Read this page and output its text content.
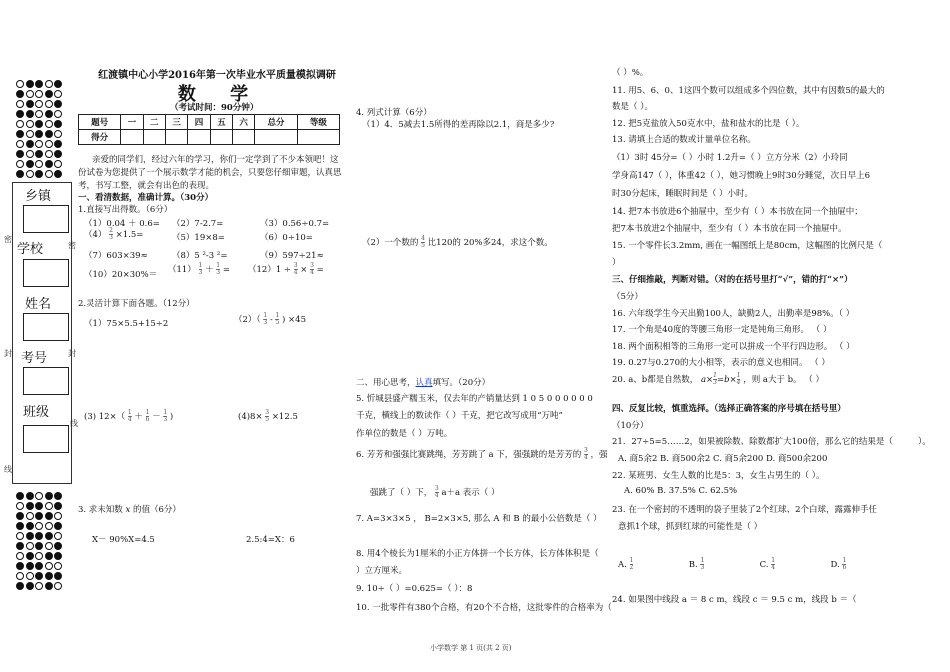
乡镇
学校
姓名
考号
班级
密
密
封	封
线
线
红渡镇中心小学2016年第一次毕业水平质量模拟调研
数 学
（考试时间：90分钟）
题号	一	二	三	四	五	六	总分	等级
得分								
亲爱的同学们，经过六年的学习，你们一定学到了不少本领吧！这
份试卷为您提供了一个展示数学才能的机会，只要您仔细审题，认真思
考，书写工整，就会有出色的表现。
一、看清数据，准确计算。（30分）
1.直接写出得数。（6分）
（1）0.04 ＋ 0.6= （2）7-2.7=	（3）0.56÷0.7=
$(4) \frac{2}{3} \times 1.5=$	（5）19×8=	（6）0÷10=
（7）603×39≈	（8）5 ²-3 ²=	（9）597÷21≈
$(10)20\times 30\%= (11) \frac{1}{3} + \frac{1}{3} = (12)1 \div \frac{3}{4} \times \frac{3}{4}$ =
2.灵活计算下面各题。（12分）
（1）75×5.5+15÷2	$(2)( \frac{1}{3} - \frac{1}{5}$ ) ×45
(3) $12\times( \frac{1}{4} + \frac{1}{6} - \frac{1}{3}$ )	$(4)8\times \frac{3}{5} \times 12.5$
3. 求未知数 x 的值（6分）
X－ 90%X=4.5	2.5:4=X：6
4. 列式计算（6分）
（1）4．5减去1.5所得的差再除以2.1，商是多少?
（2）一个数的 $\frac{4}{5}$ 比120的 20%多24，求这个数。
二、用心思考，认真填写。（20分）
5. 忻城县盛产糯玉米，仅去年的产销量达到 1 0 5 0 0 0 0 0 0
千克，横线上的数读作（ ）千克，把它改写成用“万吨”
作单位的数是（ ）万吨。
6. 芳芳和强强比赛跳绳，芳芳跳了 a 下，强强跳的是芳芳的 $\frac{3}{4}$ ，强
强跳了（ ）下， $\frac{3}{4} a+a$ 表示（ ）
7. A=3×3×5 ， B=2×3×5, 那么 A 和 B 的最小公倍数是（ ）
8. 用4个棱长为1厘米的小正方体拼一个长方体，长方体体积是（
）立方厘米。
9. 10÷（ ）=0.625=（ ）：8
10. 一批零件有380个合格，有20个不合格，这批零件的合格率为（
（ ）%。
11. 用5、6、0、1这四个数可以组成多个四位数，其中有因数5的最大的
数是（ ）。
12. 把5克盐放入50克水中，盐和盐水的比是（ ）。
13. 请填上合适的数或计量单位名称。
（1）3时 45分=（ ）小时 1.2升=（ ）立方分米（2）小玲同
学身高147（ ），体重42（ ），她习惯晚上9时30分睡觉，次日早上6
时30分起床，睡眠时间是（ ）小时。
14. 把7本书放进6个抽屉中，至少有（ ）本书放在同一个抽屉中；
把7本书放进2个抽屉中，至少有（ ）本书放在同一个抽屉中。
15. 一个零件长3.2mm, 画在一幅图纸上是80cm，这幅图的比例尺是（
）
三、仔细推敲，判断对错。（对的在括号里打“√”，错的打“×”）
（5分）
16. 六年级学生今天出勤100人，缺勤2人，出勤率是98%。（ ）
17. 一个角是40度的等腰三角形一定是钝角三角形。 （ ）
18. 两个面积相等的三角形一定可以拼成一个平行四边形。 （ ）
19. 0.27与0.270的大小相等，表示的意义也相同。 （ ）
20. a、b都是自然数， $a\times \frac{1}{3} =b\times \frac{1}{4}$ ，则 a大于 b。 （ ）
四、反复比较，慎重选择。（选择正确答案的序号填在括号里）
（10分）
21．27÷5=5……2，如果被除数、除数都扩大100倍，那么它的结果是（	）。
A. 商5余2 B. 商500余2 C. 商5余200 D. 商500余200
22. 某班男、女生人数的比是5：3，女生占男生的（ ）。
A. 60% B. 37.5% C. 62.5%
23. 在一个密封的不透明的袋子里装了2个红球、2个白球，露露伸手任
意抓1个球，抓到红球的可能性是（ ）
A. $\frac{1}{2}$	B. $\frac{1}{3}$	C. $\frac{1}{4}$	D. $\frac{1}{6}$
24. 如果图中线段 a ＝ 8 c m，线段 c ＝ 9.5 c m，线段 b ＝（
小学数学 第 1 页(共 2 页)
